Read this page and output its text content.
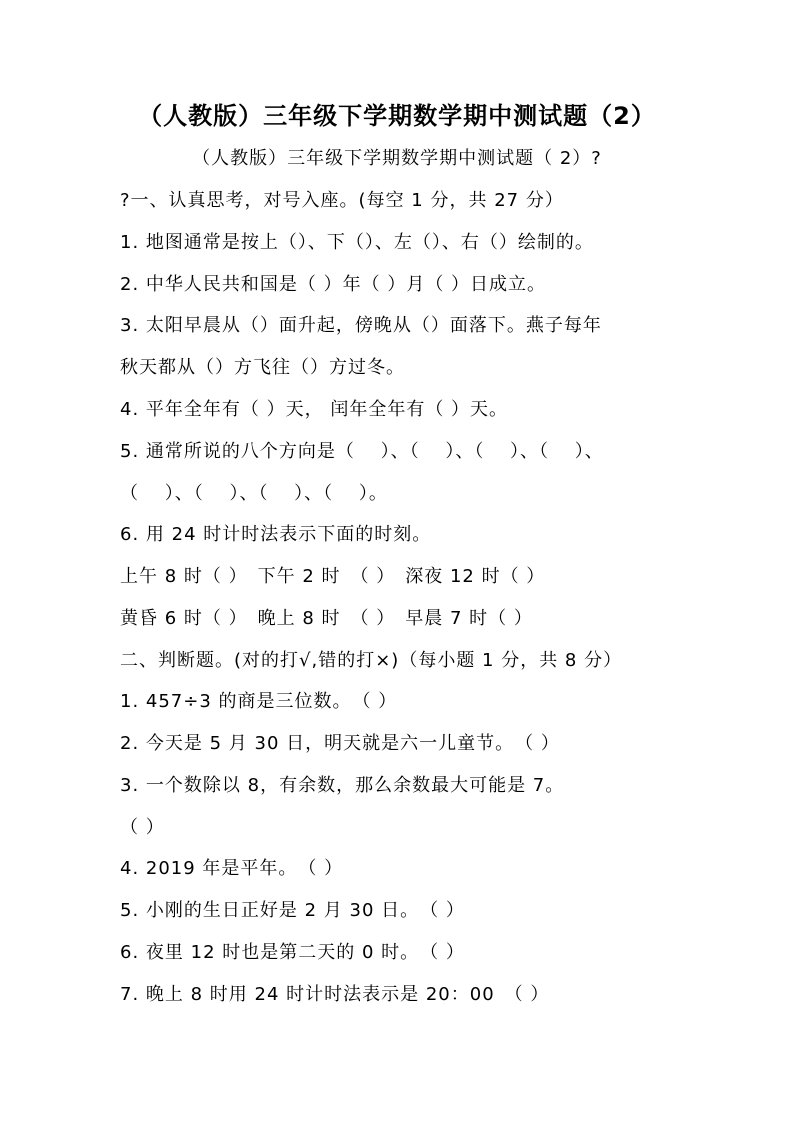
（人教版）三年级下学期数学期中测试题（2）
（人教版）三年级下学期数学期中测试题（ 2）?
?一、认真思考，对号入座。(每空 1 分，共 27 分）
1. 地图通常是按上（）、下（）、左（）、右（）绘制的。
2. 中华人民共和国是（ ）年（ ）月（ ）日成立。
3. 太阳早晨从（）面升起，傍晚从（）面落下。燕子每年
秋天都从（）方飞往（）方过冬。
4. 平年全年有（ ）天， 闰年全年有（ ）天。
5. 通常所说的八个方向是（　 ）、（　 ）、（　 ）、（　 ）、
（　 ）、（　 ）、（　 ）、（　 ）。
6. 用 24 时计时法表示下面的时刻。
上午 8 时（ ）　下午 2 时　（ ）　深夜 12 时（ ）
黄昏 6 时（ ）　晚上 8 时　（ ）　早晨 7 时（ ）
二、判断题。(对的打√,错的打×)（每小题 1 分，共 8 分）
1. 457÷3 的商是三位数。　（ ）
2. 今天是 5 月 30 日，明天就是六一儿童节。　（ ）
3. 一个数除以 8，有余数，那么余数最大可能是 7。
（ ）
4. 2019 年是平年。　（ ）
5. 小刚的生日正好是 2 月 30 日。　（ ）
6. 夜里 12 时也是第二天的 0 时。　（ ）
7. 晚上 8 时用 24 时计时法表示是 20：00　（ ）
